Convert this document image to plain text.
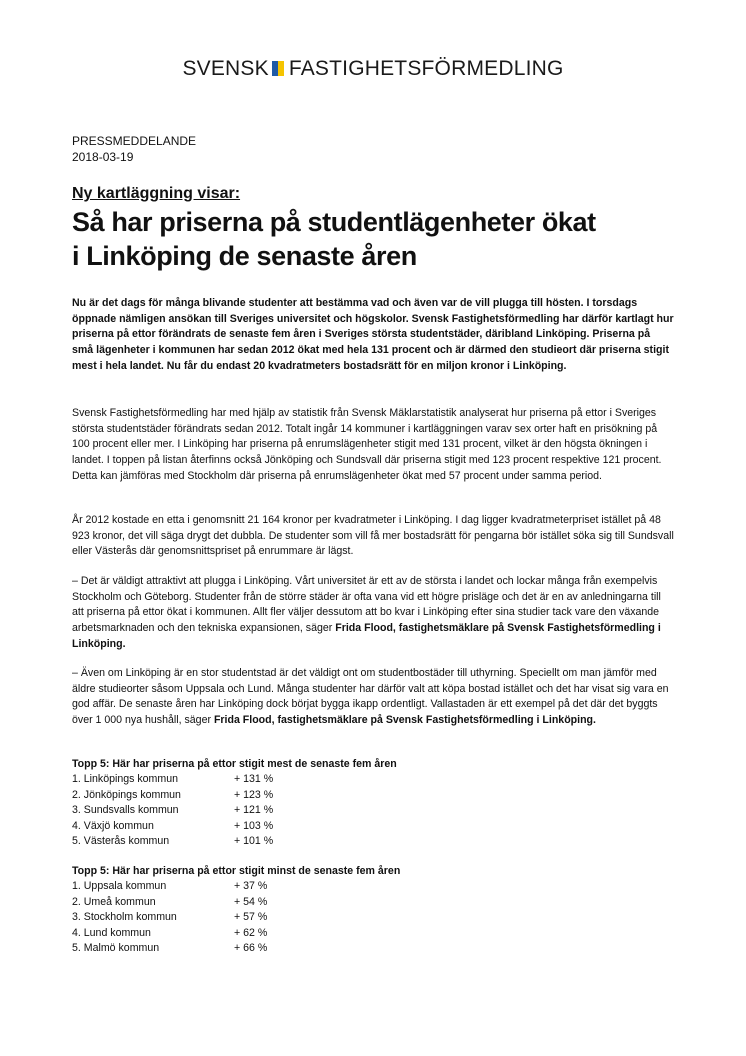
SVENSK FASTIGHETSFÖRMEDLING
PRESSMEDDELANDE
2018-03-19
Ny kartläggning visar:
Så har priserna på studentlägenheter ökat
i Linköping de senaste åren

Nu är det dags för många blivande studenter att bestämma vad och även var de vill plugga till hösten. I torsdags öppnade nämligen ansökan till Sveriges universitet och högskolor. Svensk Fastighetsförmedling har därför kartlagt hur priserna på ettor förändrats de senaste fem åren i Sveriges största studentstäder, däribland Linköping. Priserna på små lägenheter i kommunen har sedan 2012 ökat med hela 131 procent och är därmed den studieort där priserna stigit mest i hela landet. Nu får du endast 20 kvadratmeters bostadsrätt för en miljon kronor i Linköping.

Svensk Fastighetsförmedling har med hjälp av statistik från Svensk Mäklarstatistik analyserat hur priserna på ettor i Sveriges största studentstäder förändrats sedan 2012. Totalt ingår 14 kommuner i kartläggningen varav sex orter haft en prisökning på 100 procent eller mer. I Linköping har priserna på enrumslägenheter stigit med 131 procent, vilket är den högsta ökningen i landet. I toppen på listan återfinns också Jönköping och Sundsvall där priserna stigit med 123 procent respektive 121 procent. Detta kan jämföras med Stockholm där priserna på enrumslägenheter ökat med 57 procent under samma period.

År 2012 kostade en etta i genomsnitt 21 164 kronor per kvadratmeter i Linköping. I dag ligger kvadratmeterpriset istället på 48 923 kronor, det vill säga drygt det dubbla. De studenter som vill få mer bostadsrätt för pengarna bör istället söka sig till Sundsvall eller Västerås där genomsnittspriset på enrummare är lägst.

– Det är väldigt attraktivt att plugga i Linköping. Vårt universitet är ett av de största i landet och lockar många från exempelvis Stockholm och Göteborg. Studenter från de större städer är ofta vana vid ett högre prisläge och det är en av anledningarna till att priserna på ettor ökat i kommunen. Allt fler väljer dessutom att bo kvar i Linköping efter sina studier tack vare den växande arbetsmarknaden och den tekniska expansionen, säger Frida Flood, fastighetsmäklare på Svensk Fastighetsförmedling i Linköping.

– Även om Linköping är en stor studentstad är det väldigt ont om studentbostäder till uthyrning. Speciellt om man jämför med äldre studieorter såsom Uppsala och Lund. Många studenter har därför valt att köpa bostad istället och det har visat sig vara en god affär. De senaste åren har Linköping dock börjat bygga ikapp ordentligt. Vallastaden är ett exempel på det där det byggts över 1 000 nya hushåll, säger Frida Flood, fastighetsmäklare på Svensk Fastighetsförmedling i Linköping.

Topp 5: Här har priserna på ettor stigit mest de senaste fem åren
1. Linköpings kommun	+ 131 %
2. Jönköpings kommun	+ 123 %
3. Sundsvalls kommun	+ 121 %
4. Växjö kommun	+ 103 %
5. Västerås kommun	+ 101 %
Topp 5: Här har priserna på ettor stigit minst de senaste fem åren
1. Uppsala kommun	+ 37 %
2. Umeå kommun	+ 54 %
3. Stockholm kommun	+ 57 %
4. Lund kommun	+ 62 %
5. Malmö kommun	+ 66 %
